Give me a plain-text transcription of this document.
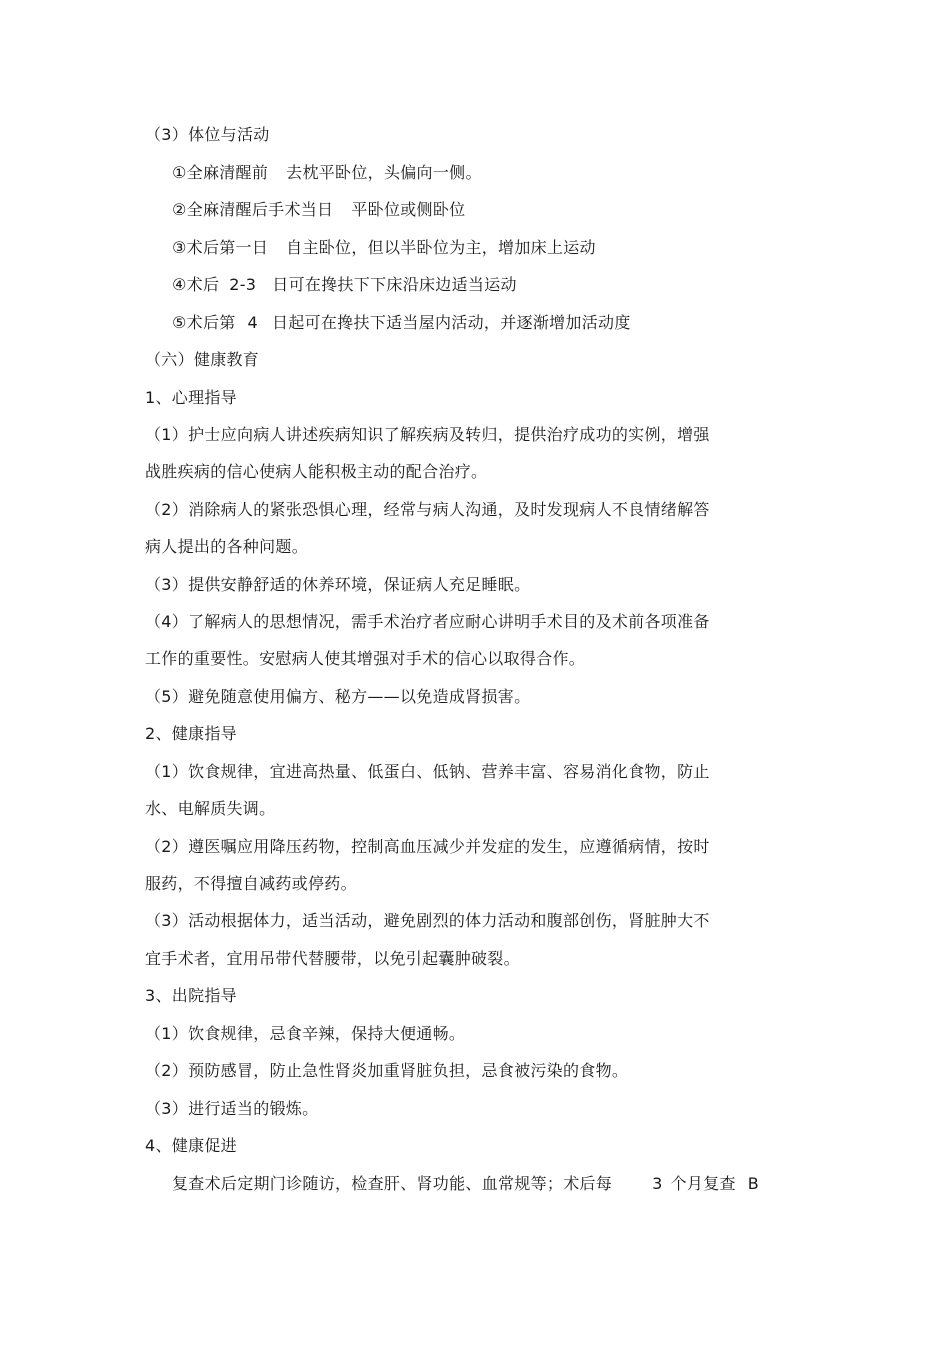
（3）体位与活动
①全麻清醒前 去枕平卧位，头偏向一侧。
②全麻清醒后手术当日 平卧位或侧卧位
③术后第一日 自主卧位，但以半卧位为主，增加床上运动
④术后 2-3 日可在搀扶下下床沿床边适当运动
⑤术后第 4 日起可在搀扶下适当屋内活动，并逐渐增加活动度
（六）健康教育
1、心理指导
（1）护士应向病人讲述疾病知识了解疾病及转归，提供治疗成功的实例，增强
战胜疾病的信心使病人能积极主动的配合治疗。
（2）消除病人的紧张恐惧心理，经常与病人沟通，及时发现病人不良情绪解答
病人提出的各种问题。
（3）提供安静舒适的休养环境，保证病人充足睡眠。
（4）了解病人的思想情况，需手术治疗者应耐心讲明手术目的及术前各项准备
工作的重要性。安慰病人使其增强对手术的信心以取得合作。
（5）避免随意使用偏方、秘方——以免造成肾损害。
2、健康指导
（1）饮食规律，宜进高热量、低蛋白、低钠、营养丰富、容易消化食物，防止
水、电解质失调。
（2）遵医嘱应用降压药物，控制高血压减少并发症的发生，应遵循病情，按时
服药，不得擅自减药或停药。
（3）活动根据体力，适当活动，避免剧烈的体力活动和腹部创伤，肾脏肿大不
宜手术者，宜用吊带代替腰带，以免引起囊肿破裂。
3、出院指导
（1）饮食规律，忌食辛辣，保持大便通畅。
（2）预防感冒，防止急性肾炎加重肾脏负担，忌食被污染的食物。
（3）进行适当的锻炼。
4、健康促进
复查术后定期门诊随访，检查肝、肾功能、血常规等；术后每	3 个月复查 B
